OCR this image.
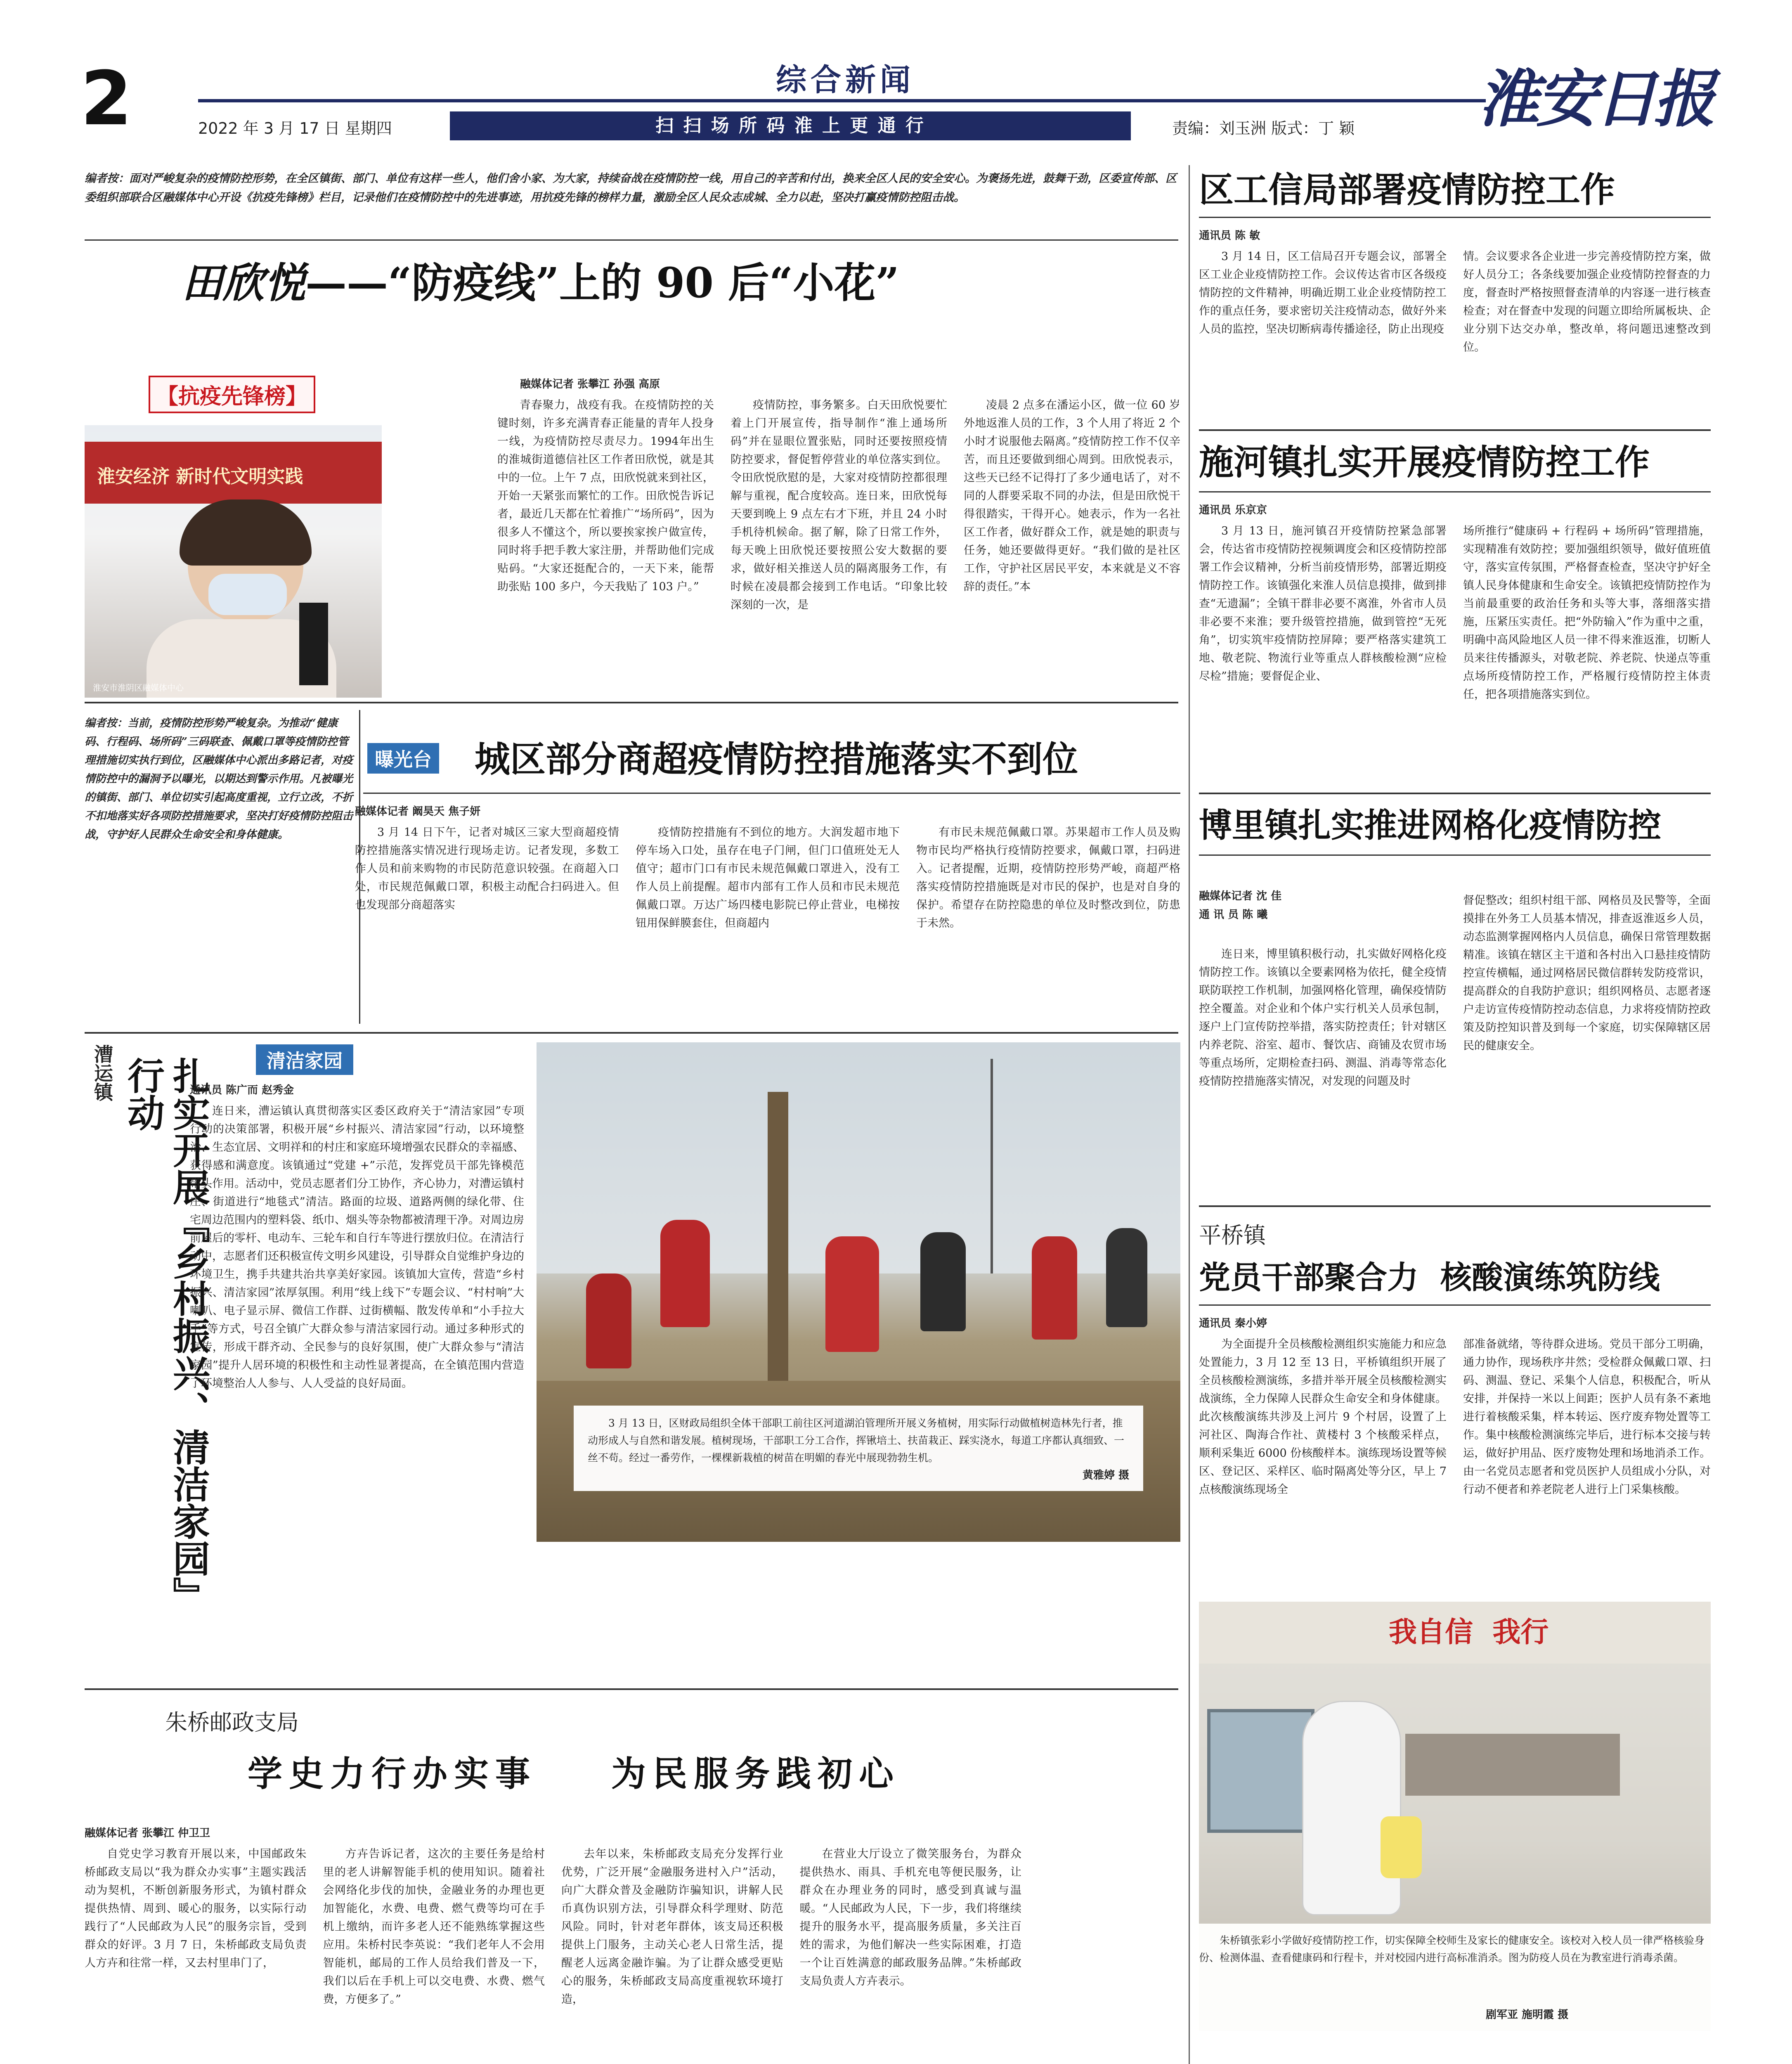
2	综合新闻
2022 年 3 月 17 日 星期四	扫 扫 场 所 码 淮 上 更 通 行	责编：刘玉洲 版式：丁 颖 淮安日报
编者按：面对严峻复杂的疫情防控形势，在全区镇街、部门、单位有这样一些人，他们舍小家、为大家，持续奋战在疫情防控一线，用自己的辛苦和付出，换来全区人民的安全安心。为褒扬先进，鼓舞干劲，区委宣传部、区委组织部联合区融媒体中心开设《抗疫先锋榜》栏目，记录他们在疫情防控中的先进事迹，用抗疫先锋的榜样力量，激励全区人民众志成城、全力以赴，坚决打赢疫情防控阻击战。
田欣悦——“防疫线”上的 90 后“小花”
【抗疫先锋榜】
淮安经济 新时代文明实践
淮安市淮阴区融媒体中心
融媒体记者 张攀江 孙强 高原

青春聚力，战疫有我。在疫情防控的关键时刻，许多充满青春正能量的青年人投身一线，为疫情防控尽责尽力。1994年出生的淮城街道德信社区工作者田欣悦，就是其中的一位。上午 7 点，田欣悦就来到社区，开始一天紧张而繁忙的工作。田欣悦告诉记者，最近几天都在忙着推广“场所码”，因为很多人不懂这个，所以要挨家挨户做宣传，同时将手把手教大家注册，并帮助他们完成贴码。“大家还挺配合的，一天下来，能帮助张贴 100 多户，今天我贴了 103 户。”

疫情防控，事务繁多。白天田欣悦要忙着上门开展宣传，指导制作“淮上通场所码”并在显眼位置张贴，同时还要按照疫情防控要求，督促暂停营业的单位落实到位。令田欣悦欣慰的是，大家对疫情防控都很理解与重视，配合度较高。连日来，田欣悦每天要到晚上 9 点左右才下班，并且 24 小时手机待机候命。据了解，除了日常工作外，每天晚上田欣悦还要按照公安大数据的要求，做好相关推送人员的隔离服务工作，有时候在凌晨都会接到工作电话。“印象比较深刻的一次，是

凌晨 2 点多在潘运小区，做一位 60 岁外地返淮人员的工作，3 个人用了将近 2 个小时才说服他去隔离。”疫情防控工作不仅辛苦，而且还要做到细心周到。田欣悦表示，这些天已经不记得打了多少通电话了，对不同的人群要采取不同的办法，但是田欣悦干得很踏实，干得开心。她表示，作为一名社区工作者，做好群众工作，就是她的职责与任务，她还要做得更好。“我们做的是社区工作，守护社区居民平安，本来就是义不容辞的责任。”本

编者按：当前，疫情防控形势严峻复杂。为推动“健康码、行程码、场所码”三码联查、佩戴口罩等疫情防控管理措施切实执行到位，区融媒体中心派出多路记者，对疫情防控中的漏洞予以曝光，以期达到警示作用。凡被曝光的镇街、部门、单位切实引起高度重视，立行立改，不折不扣地落实好各项防控措施要求，坚决打好疫情防控阻击战，守护好人民群众生命安全和身体健康。
曝光台 城区部分商超疫情防控措施落实不到位
融媒体记者 阚昊天 焦子妍

3 月 14 日下午，记者对城区三家大型商超疫情防控措施落实情况进行现场走访。记者发现，多数工作人员和前来购物的市民防范意识较强。在商超入口处，市民规范佩戴口罩，积极主动配合扫码进入。但也发现部分商超落实

疫情防控措施有不到位的地方。大润发超市地下停车场入口处，虽存在电子门闸，但门口值班处无人值守；超市门口有市民未规范佩戴口罩进入，没有工作人员上前提醒。超市内部有工作人员和市民未规范佩戴口罩。万达广场四楼电影院已停止营业，电梯按钮用保鲜膜套住，但商超内

有市民未规范佩戴口罩。苏果超市工作人员及购物市民均严格执行疫情防控要求，佩戴口罩，扫码进入。记者提醒，近期，疫情防控形势严峻，商超严格落实疫情防控措施既是对市民的保护，也是对自身的保护。希望存在防控隐患的单位及时整改到位，防患于未然。

漕运镇	扎实开展『乡村振兴、清洁家园』行动	清洁家园
通讯员 陈广而 赵秀金

连日来，漕运镇认真贯彻落实区委区政府关于“清洁家园”专项行动的决策部署，积极开展“乡村振兴、清洁家园”行动，以环境整治、生态宜居、文明祥和的村庄和家庭环境增强农民群众的幸福感、获得感和满意度。该镇通过“党建 +”示范，发挥党员干部先锋模范带头作用。活动中，党员志愿者们分工协作，齐心协力，对漕运镇村庄、街道进行“地毯式”清洁。路面的垃圾、道路两侧的绿化带、住宅周边范围内的塑料袋、纸巾、烟头等杂物都被清理干净。对周边房前屋后的零杆、电动车、三轮车和自行车等进行摆放归位。在清洁行动中，志愿者们还积极宣传文明乡风建设，引导群众自觉维护身边的环境卫生，携手共建共治共享美好家园。该镇加大宣传，营造“乡村振兴、清洁家园”浓厚氛围。利用“线上线下”专题会议、“村村响”大喇叭、电子显示屏、微信工作群、过街横幅、散发传单和“小手拉大手”等方式，号召全镇广大群众参与清洁家园行动。通过多种形式的宣传，形成干群齐动、全民参与的良好氛围，使广大群众参与“清洁家园”提升人居环境的积极性和主动性显著提高，在全镇范围内营造了环境整治人人参与、人人受益的良好局面。

3 月 13 日，区财政局组织全体干部职工前往区河道湖泊管理所开展义务植树，用实际行动做植树造林先行者，推动形成人与自然和谐发展。植树现场，干部职工分工合作，挥锹培土、扶苗栽正、踩实浇水，每道工序都认真细致、一丝不苟。经过一番劳作，一棵棵新栽植的树苗在明媚的春光中展现勃勃生机。

黄雅婷 摄
朱桥邮政支局
学史力行办实事    为民服务践初心
融媒体记者 张攀江 仲卫卫

自党史学习教育开展以来，中国邮政朱桥邮政支局以“我为群众办实事”主题实践活动为契机，不断创新服务形式，为镇村群众提供热情、周到、暖心的服务，以实际行动践行了“人民邮政为人民”的服务宗旨，受到群众的好评。3 月 7 日，朱桥邮政支局负责人方卉和往常一样，又去村里串门了，

方卉告诉记者，这次的主要任务是给村里的老人讲解智能手机的使用知识。随着社会网络化步伐的加快，金融业务的办理也更加智能化，水费、电费、燃气费等均可在手机上缴纳，而许多老人还不能熟练掌握这些应用。朱桥村民李英说：“我们老年人不会用智能机，邮局的工作人员给我们普及一下，我们以后在手机上可以交电费、水费、燃气费，方便多了。”

去年以来，朱桥邮政支局充分发挥行业优势，广泛开展“金融服务进村入户”活动，向广大群众普及金融防诈骗知识，讲解人民币真伪识别方法，引导群众科学理财、防范风险。同时，针对老年群体，该支局还积极提供上门服务，主动关心老人日常生活，提醒老人远离金融诈骗。为了让群众感受更贴心的服务，朱桥邮政支局高度重视软环境打造，

在营业大厅设立了微笑服务台，为群众提供热水、雨具、手机充电等便民服务，让群众在办理业务的同时，感受到真诚与温暖。“人民邮政为人民，下一步，我们将继续提升的服务水平，提高服务质量，多关注百姓的需求，为他们解决一些实际困难，打造一个让百姓满意的邮政服务品牌。”朱桥邮政支局负责人方卉表示。

区工信局部署疫情防控工作
通讯员 陈 敏

3 月 14 日，区工信局召开专题会议，部署全区工业企业疫情防控工作。会议传达省市区各级疫情防控的文件精神，明确近期工业企业疫情防控工作的重点任务，要求密切关注疫情动态，做好外来人员的监控，坚决切断病毒传播途径，防止出现疫

情。会议要求各企业进一步完善疫情防控方案，做好人员分工；各条线要加强企业疫情防控督查的力度，督查时严格按照督查清单的内容逐一进行核查检查；对在督查中发现的问题立即给所属板块、企业分别下达交办单，整改单，将问题迅速整改到位。

施河镇扎实开展疫情防控工作
通讯员 乐京京

3 月 13 日，施河镇召开疫情防控紧急部署会，传达省市疫情防控视频调度会和区疫情防控部署工作会议精神，分析当前疫情形势，部署近期疫情防控工作。该镇强化来淮人员信息摸排，做到排查“无遗漏”；全镇干群非必要不离淮，外省市人员非必要不来淮；要升级管控措施，做到管控“无死角”，切实筑牢疫情防控屏障；要严格落实建筑工地、敬老院、物流行业等重点人群核酸检测“应检尽检”措施；要督促企业、

场所推行“健康码 + 行程码 + 场所码”管理措施，实现精准有效防控；要加强组织领导，做好值班值守，落实宣传氛围，严格督查检查，坚决守护好全镇人民身体健康和生命安全。该镇把疫情防控作为当前最重要的政治任务和头等大事，落细落实措施，压紧压实责任。把“外防输入”作为重中之重，明确中高风险地区人员一律不得来淮返淮，切断人员来往传播源头，对敬老院、养老院、快递点等重点场所疫情防控工作，严格履行疫情防控主体责任，把各项措施落实到位。

博里镇扎实推进网格化疫情防控
融媒体记者 沈 佳
通 讯 员 陈 曦

连日来，博里镇积极行动，扎实做好网格化疫情防控工作。该镇以全要素网格为依托，健全疫情联防联控工作机制，加强网格化管理，确保疫情防控全覆盖。对企业和个体户实行机关人员承包制，逐户上门宣传防控举措，落实防控责任；针对辖区内养老院、浴室、超市、餐饮店、商铺及农贸市场等重点场所，定期检查扫码、测温、消毒等常态化疫情防控措施落实情况，对发现的问题及时

督促整改；组织村组干部、网格员及民警等，全面摸排在外务工人员基本情况，排查返淮返乡人员，动态监测掌握网格内人员信息，确保日常管理数据精准。该镇在辖区主干道和各村出入口悬挂疫情防控宣传横幅，通过网格居民微信群转发防疫常识，提高群众的自我防护意识；组织网格员、志愿者逐户走访宣传疫情防控动态信息，力求将疫情防控政策及防控知识普及到每一个家庭，切实保障辖区居民的健康安全。

平桥镇
党员干部聚合力  核酸演练筑防线
通讯员 秦小婷

为全面提升全员核酸检测组织实施能力和应急处置能力，3 月 12 至 13 日，平桥镇组织开展了全员核酸检测演练，多措并举开展全员核酸检测实战演练，全力保障人民群众生命安全和身体健康。此次核酸演练共涉及上河片 9 个村居，设置了上河社区、陶海合作社、黄楼村 3 个核酸采样点，顺利采集近 6000 份核酸样本。演练现场设置等候区、登记区、采样区、临时隔离处等分区，早上 7 点核酸演练现场全

部准备就绪，等待群众进场。党员干部分工明确，通力协作，现场秩序井然；受检群众佩戴口罩、扫码、测温、登记、采集个人信息，积极配合，听从安排，并保持一米以上间距；医护人员有条不紊地进行着核酸采集，样本转运、医疗废弃物处置等工作。集中核酸检测演练完毕后，进行标本交接与转运，做好护用品、医疗废物处理和场地消杀工作。由一名党员志愿者和党员医护人员组成小分队，对行动不便者和养老院老人进行上门采集核酸。

我自信  我行

朱桥镇张彩小学做好疫情防控工作，切实保障全校师生及家长的健康安全。该校对入校人员一律严格核验身份、检测体温、查看健康码和行程卡，并对校园内进行高标准消杀。图为防疫人员在为教室进行消毒杀菌。

剧军亚 施明霞 摄
